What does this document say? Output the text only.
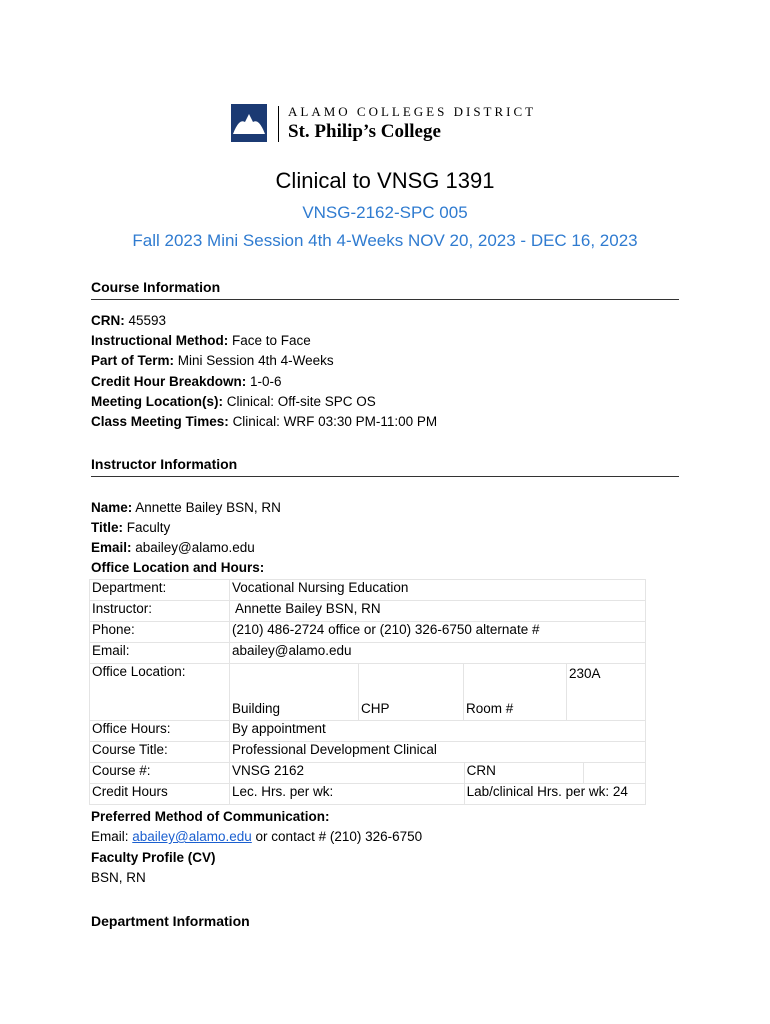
ALAMO COLLEGES DISTRICT
St. Philip’s College
Clinical to VNSG 1391
VNSG-2162-SPC 005
Fall 2023 Mini Session 4th 4-Weeks NOV 20, 2023 - DEC 16, 2023
Course Information
CRN: 45593
Instructional Method: Face to Face
Part of Term: Mini Session 4th 4-Weeks
Credit Hour Breakdown: 1-0-6
Meeting Location(s): Clinical: Off-site SPC OS
Class Meeting Times: Clinical: WRF 03:30 PM-11:00 PM
Instructor Information
Name: Annette Bailey BSN, RN
Title: Faculty
Email: abailey@alamo.edu
Office Location and Hours:
Department:	Vocational Nursing Education
Instructor:	Annette Bailey BSN, RN
Phone:	(210) 486-2724 office or (210) 326-6750 alternate #
Email:	abailey@alamo.edu
Office Location:	
Building	CHP	Room #	230A

Office Hours:	By appointment
Course Title:	Professional Development Clinical
Course #:	VNSG 2162	CRN	
Credit Hours	Lec. Hrs. per wk:	Lab/clinical Hrs. per wk: 24
Preferred Method of Communication:
Email: abailey@alamo.edu or contact # (210) 326-6750
Faculty Profile (CV)
BSN, RN
Department Information
